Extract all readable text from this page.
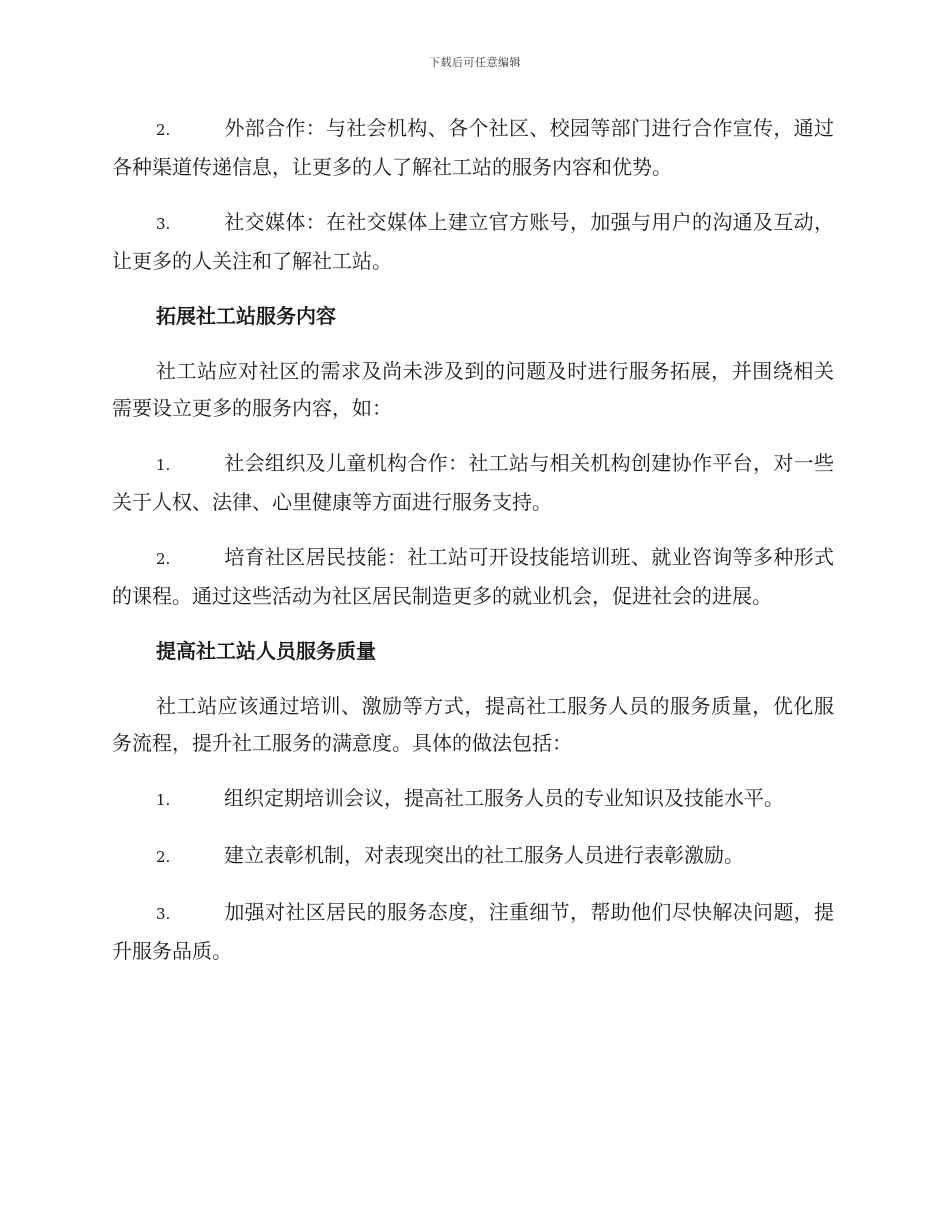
下载后可任意编辑

2.	外部合作：与社会机构、各个社区、校园等部门进行合作宣传，通过各种渠道传递信息，让更多的人了解社工站的服务内容和优势。

3.	社交媒体：在社交媒体上建立官方账号，加强与用户的沟通及互动，让更多的人关注和了解社工站。

拓展社工站服务内容

社工站应对社区的需求及尚未涉及到的问题及时进行服务拓展，并围绕相关需要设立更多的服务内容，如：

1.	社会组织及儿童机构合作：社工站与相关机构创建协作平台，对一些关于人权、法律、心里健康等方面进行服务支持。

2.	培育社区居民技能：社工站可开设技能培训班、就业咨询等多种形式的课程。通过这些活动为社区居民制造更多的就业机会，促进社会的进展。

提高社工站人员服务质量

社工站应该通过培训、激励等方式，提高社工服务人员的服务质量，优化服务流程，提升社工服务的满意度。具体的做法包括：

1.	组织定期培训会议，提高社工服务人员的专业知识及技能水平。

2.	建立表彰机制，对表现突出的社工服务人员进行表彰激励。

3.	加强对社区居民的服务态度，注重细节，帮助他们尽快解决问题，提升服务品质。
